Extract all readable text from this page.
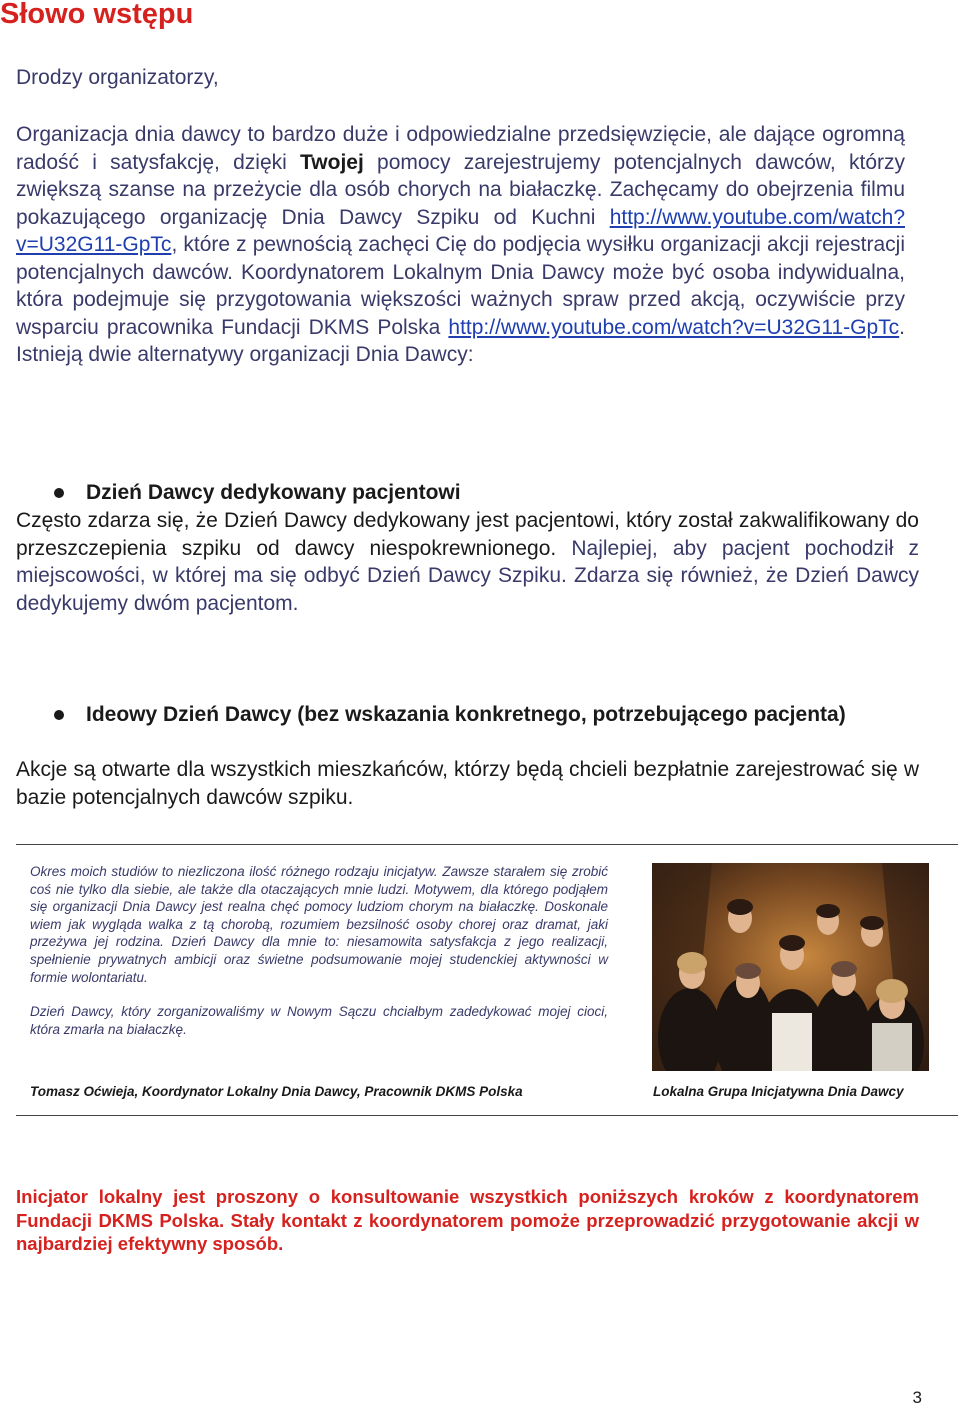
Słowo wstępu
Drodzy organizatorzy,
Organizacja dnia dawcy to bardzo duże i odpowiedzialne przedsięwzięcie, ale dające ogromną radość i satysfakcję, dzięki Twojej pomocy zarejestrujemy potencjalnych dawców, którzy zwiększą szanse na przeżycie dla osób chorych na białaczkę. Zachęcamy do obejrzenia filmu pokazującego organizację Dnia Dawcy Szpiku od Kuchni http://www.youtube.com/watch?v=U32G11-GpTc, które z pewnością zachęci Cię do podjęcia wysiłku organizacji akcji rejestracji potencjalnych dawców. Koordynatorem Lokalnym Dnia Dawcy może być osoba indywidualna, która podejmuje się przygotowania większości ważnych spraw przed akcją, oczywiście przy wsparciu pracownika Fundacji DKMS Polska http://www.youtube.com/watch?v=U32G11-GpTc. Istnieją dwie alternatywy organizacji Dnia Dawcy:
Dzień Dawcy dedykowany pacjentowi
Często zdarza się, że Dzień Dawcy dedykowany jest pacjentowi, który został zakwalifikowany do przeszczepienia szpiku od dawcy niespokrewnionego. Najlepiej, aby pacjent pochodził z miejscowości, w której ma się odbyć Dzień Dawcy Szpiku. Zdarza się również, że Dzień Dawcy dedykujemy dwóm pacjentom.
Ideowy Dzień Dawcy (bez wskazania konkretnego, potrzebującego pacjenta)
Akcje są otwarte dla wszystkich mieszkańców, którzy będą chcieli bezpłatnie zarejestrować się w bazie potencjalnych dawców szpiku.

Okres moich studiów to niezliczona ilość różnego rodzaju inicjatyw. Zawsze starałem się zrobić coś nie tylko dla siebie, ale także dla otaczających mnie ludzi. Motywem, dla którego podjąłem się organizacji Dnia Dawcy jest realna chęć pomocy ludziom chorym na białaczkę. Doskonale wiem jak wygląda walka z tą chorobą, rozumiem bezsilność osoby chorej oraz dramat, jaki przeżywa jej rodzina. Dzień Dawcy dla mnie to: niesamowita satysfakcja z jego realizacji, spełnienie prywatnych ambicji oraz świetne podsumowanie mojej studenckiej aktywności w formie wolontariatu.

Dzień Dawcy, który zorganizowaliśmy w Nowym Sączu chciałbym zadedykować mojej cioci, która zmarła na białaczkę.

Tomasz Oćwieja, Koordynator Lokalny Dnia Dawcy, Pracownik DKMS Polska	Lokalna Grupa Inicjatywna Dnia Dawcy
Inicjator lokalny jest proszony o konsultowanie wszystkich poniższych kroków z koordynatorem Fundacji DKMS Polska. Stały kontakt z koordynatorem pomoże przeprowadzić przygotowanie akcji w najbardziej efektywny sposób.
3
